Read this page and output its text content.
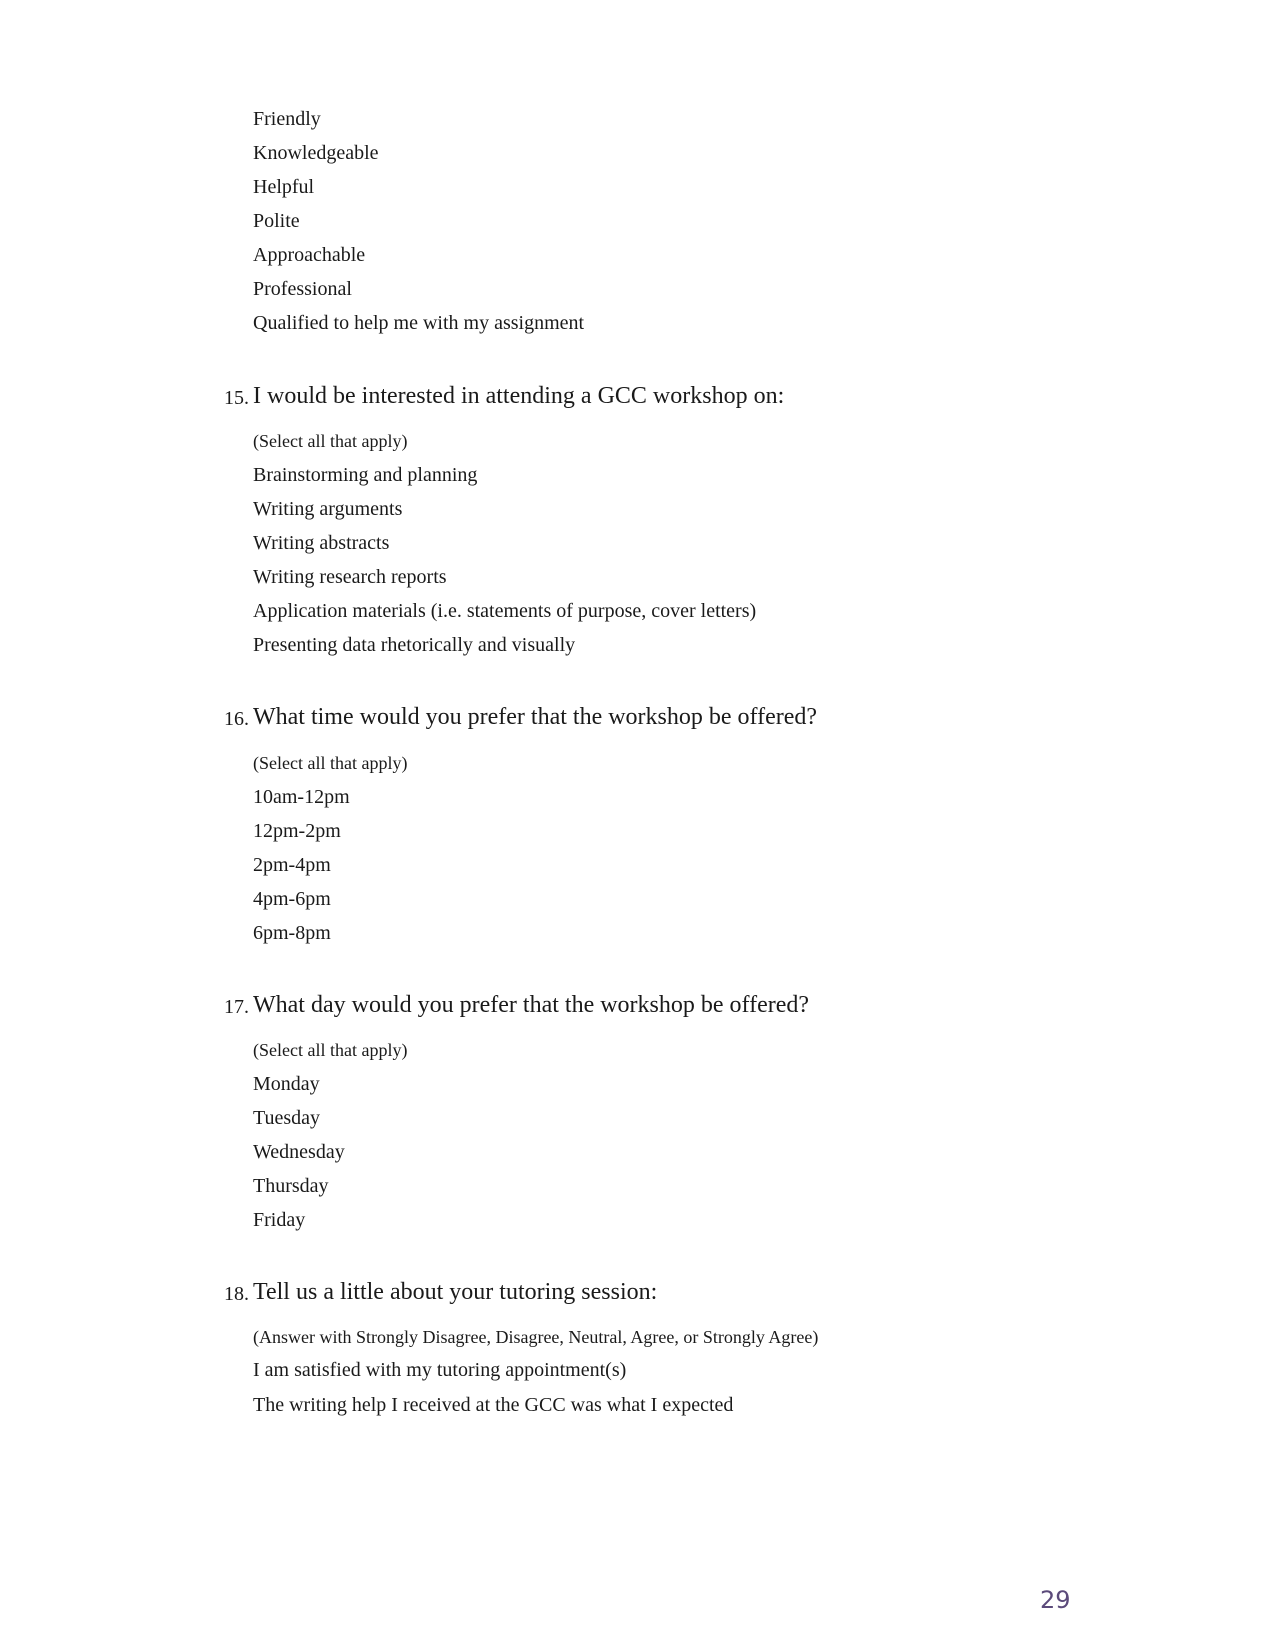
Friendly
Knowledgeable
Helpful
Polite
Approachable
Professional
Qualified to help me with my assignment
15. I would be interested in attending a GCC workshop on:
(Select all that apply)
Brainstorming and planning
Writing arguments
Writing abstracts
Writing research reports
Application materials (i.e. statements of purpose, cover letters)
Presenting data rhetorically and visually
16. What time would you prefer that the workshop be offered?
(Select all that apply)
10am-12pm
12pm-2pm
2pm-4pm
4pm-6pm
6pm-8pm
17. What day would you prefer that the workshop be offered?
(Select all that apply)
Monday
Tuesday
Wednesday
Thursday
Friday
18. Tell us a little about your tutoring session:
(Answer with Strongly Disagree, Disagree, Neutral, Agree, or Strongly Agree)
I am satisfied with my tutoring appointment(s)
The writing help I received at the GCC was what I expected
29
